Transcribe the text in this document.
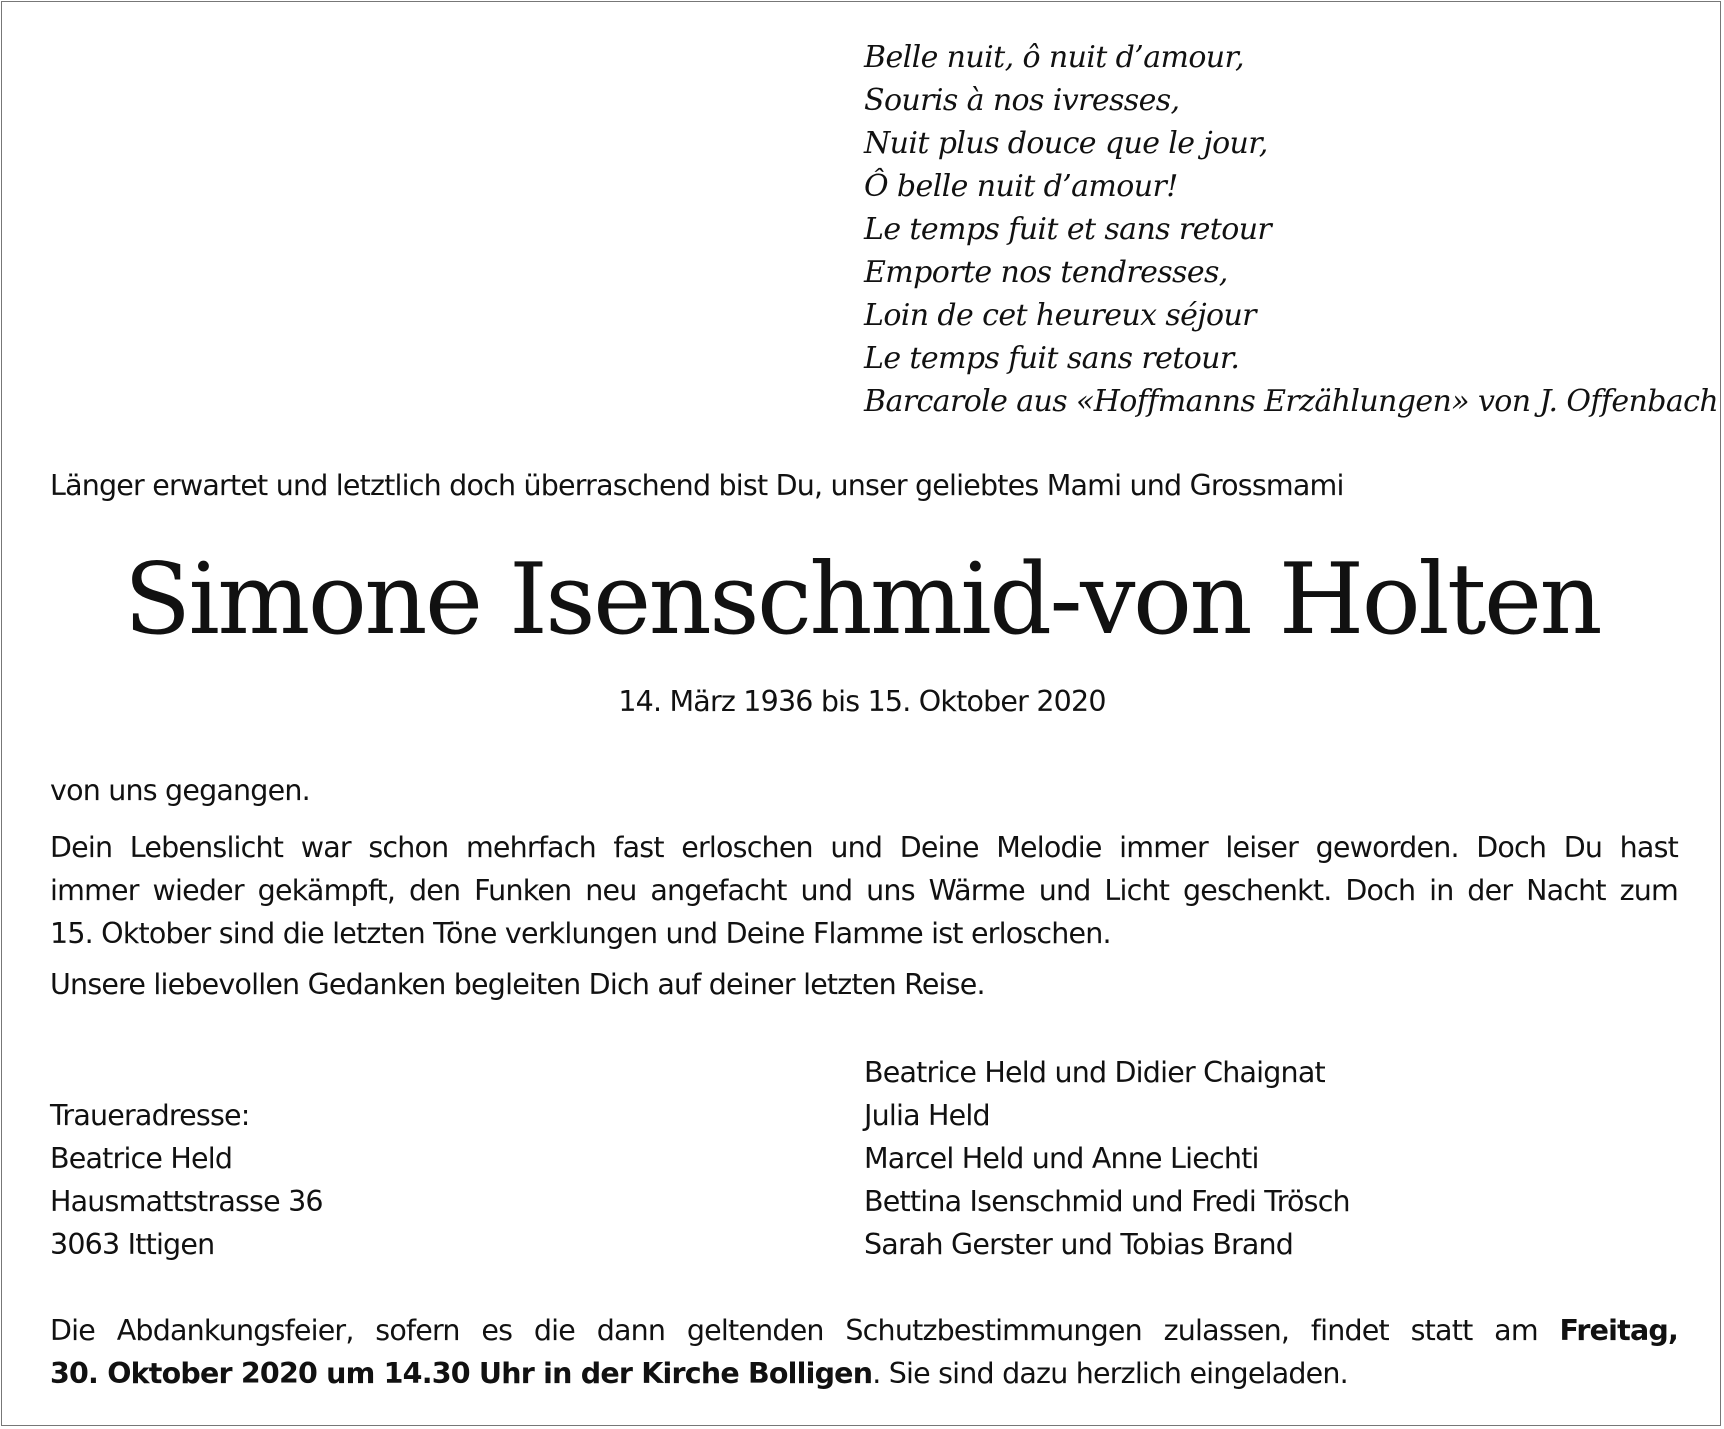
Belle nuit, ô nuit d’amour,
Souris à nos ivresses,
Nuit plus douce que le jour,
Ô belle nuit d’amour!
Le temps fuit et sans retour
Emporte nos tendresses,
Loin de cet heureux séjour
Le temps fuit sans retour.
Barcarole aus «Hoffmanns Erzählungen» von J. Offenbach
Länger erwartet und letztlich doch überraschend bist Du, unser geliebtes Mami und Grossmami
Simone Isenschmid-von Holten
14. März 1936 bis 15. Oktober 2020
von uns gegangen.
Dein Lebenslicht war schon mehrfach fast erloschen und Deine Melodie immer leiser geworden. Doch Du hast
immer wieder gekämpft, den Funken neu angefacht und uns Wärme und Licht geschenkt. Doch in der Nacht zum
15. Oktober sind die letzten Töne verklungen und Deine Flamme ist erloschen.
Unsere liebevollen Gedanken begleiten Dich auf deiner letzten Reise.
Traueradresse:
Beatrice Held
Hausmattstrasse 36
3063 Ittigen
Beatrice Held und Didier Chaignat
Julia Held
Marcel Held und Anne Liechti
Bettina Isenschmid und Fredi Trösch
Sarah Gerster und Tobias Brand
Die Abdankungsfeier, sofern es die dann geltenden Schutzbestimmungen zulassen, findet statt am Freitag,
30. Oktober 2020 um 14.30 Uhr in der Kirche Bolligen. Sie sind dazu herzlich eingeladen.
